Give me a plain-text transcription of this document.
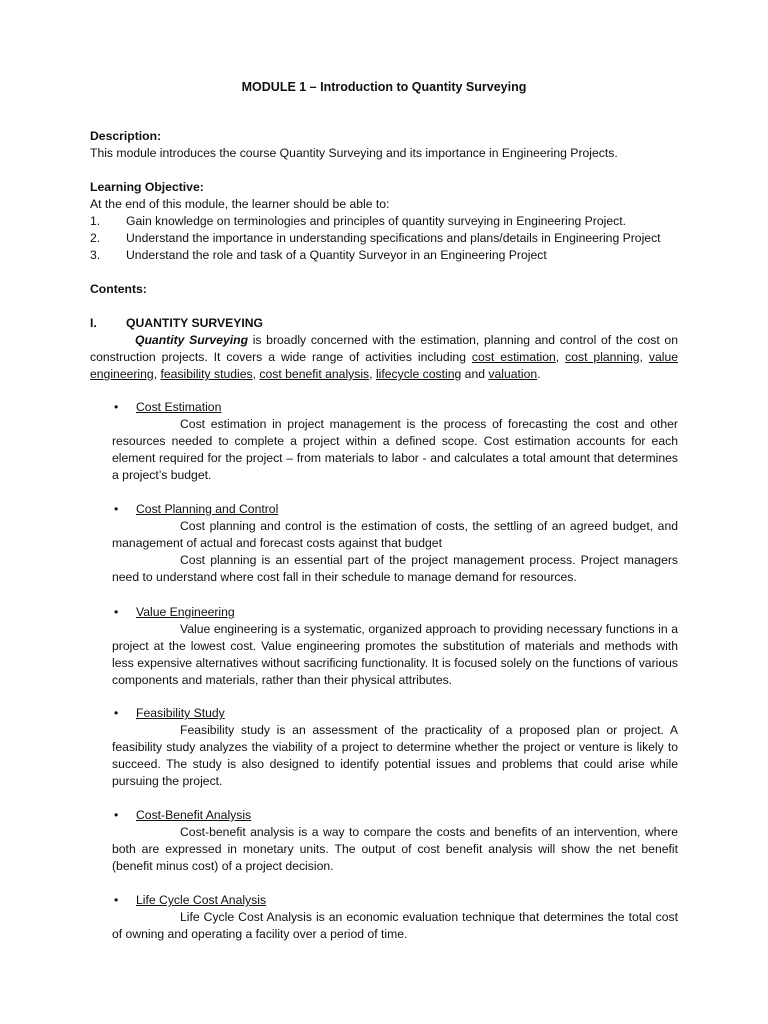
MODULE 1 – Introduction to Quantity Surveying
Description:
This module introduces the course Quantity Surveying and its importance in Engineering Projects.
Learning Objective:
At the end of this module, the learner should be able to:
1.	Gain knowledge on terminologies and principles of quantity surveying in Engineering Project.
2.	Understand the importance in understanding specifications and plans/details in Engineering Project
3.	Understand the role and task of a Quantity Surveyor in an Engineering Project
Contents:
I.	QUANTITY SURVEYING
Quantity Surveying is broadly concerned with the estimation, planning and control of the cost on construction projects. It covers a wide range of activities including cost estimation, cost planning, value engineering, feasibility studies, cost benefit analysis, lifecycle costing and valuation.
• Cost Estimation

Cost estimation in project management is the process of forecasting the cost and other resources needed to complete a project within a defined scope. Cost estimation accounts for each element required for the project – from materials to labor - and calculates a total amount that determines a project’s budget.

• Cost Planning and Control

Cost planning and control is the estimation of costs, the settling of an agreed budget, and management of actual and forecast costs against that budget

Cost planning is an essential part of the project management process. Project managers need to understand where cost fall in their schedule to manage demand for resources.

• Value Engineering

Value engineering is a systematic, organized approach to providing necessary functions in a project at the lowest cost. Value engineering promotes the substitution of materials and methods with less expensive alternatives without sacrificing functionality. It is focused solely on the functions of various components and materials, rather than their physical attributes.

• Feasibility Study

Feasibility study is an assessment of the practicality of a proposed plan or project. A feasibility study analyzes the viability of a project to determine whether the project or venture is likely to succeed. The study is also designed to identify potential issues and problems that could arise while pursuing the project.

• Cost-Benefit Analysis

Cost-benefit analysis is a way to compare the costs and benefits of an intervention, where both are expressed in monetary units. The output of cost benefit analysis will show the net benefit (benefit minus cost) of a project decision.

• Life Cycle Cost Analysis

Life Cycle Cost Analysis is an economic evaluation technique that determines the total cost of owning and operating a facility over a period of time.
